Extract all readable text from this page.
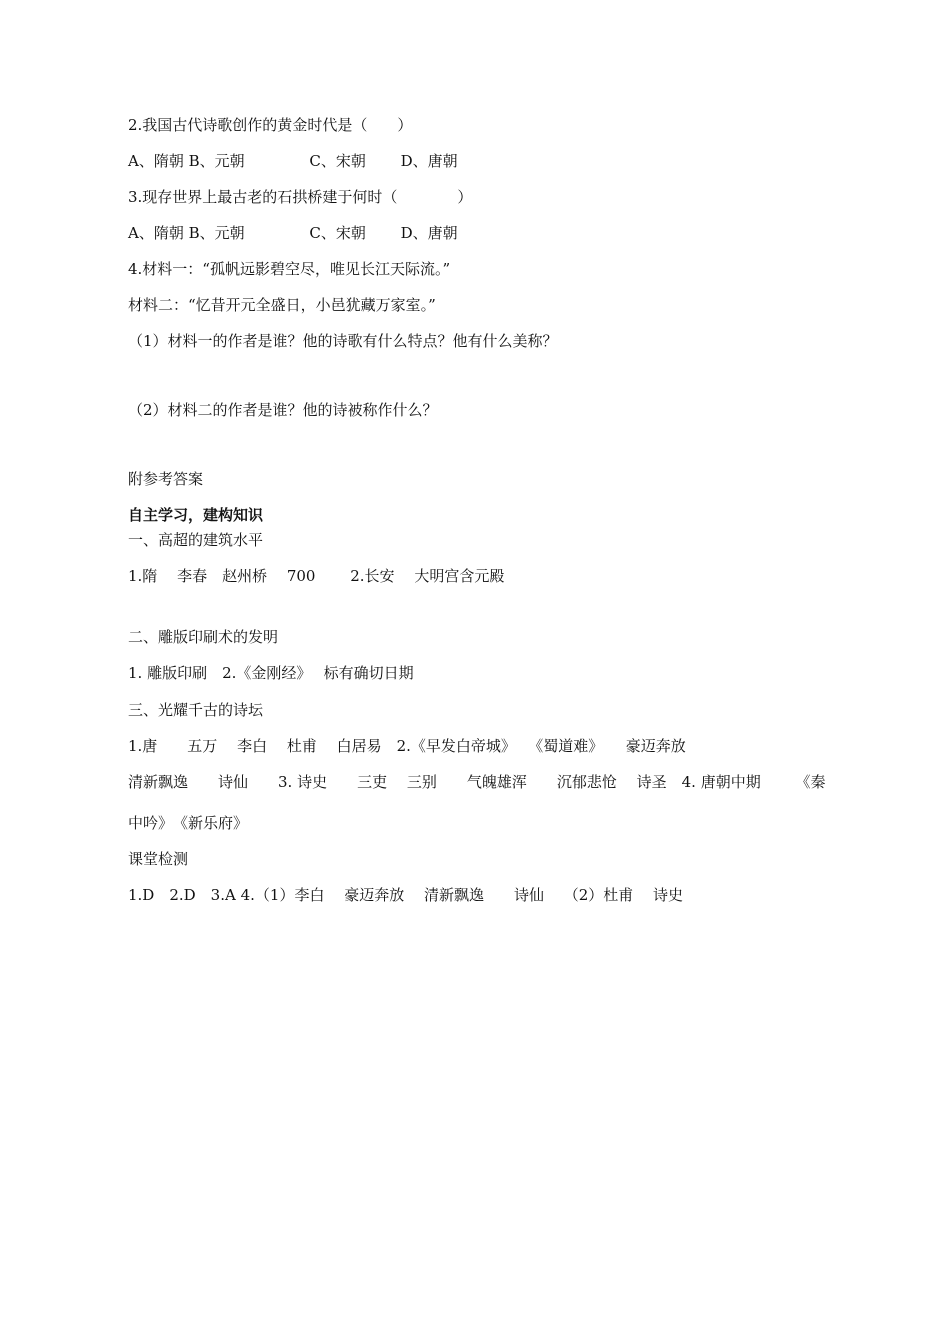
2.我国古代诗歌创作的黄金时代是（　　）
A、隋朝 B、元朝 　　　　C、宋朝 　　D、唐朝
3.现存世界上最古老的石拱桥建于何时（　　　　）
A、隋朝 B、元朝 　　　　C、宋朝 　　D、唐朝
4.材料一：“孤帆远影碧空尽，唯见长江天际流。”
材料二：“忆昔开元全盛日，小邑犹藏万家室。”
（1）材料一的作者是谁？他的诗歌有什么特点？他有什么美称？
（2）材料二的作者是谁？他的诗被称作什么？
附参考答案
自主学习，建构知识
一、高超的建筑水平
1.隋　 李春　赵州桥　 700　　 2.长安　 大明宫含元殿
二、雕版印刷术的发明
1. 雕版印刷　2.《金刚经》　 标有确切日期
三、光耀千古的诗坛
1.唐　　五万　 李白　 杜甫　 白居易　2.《早发白帝城》　 《蜀道难》　　豪迈奔放
清新飘逸　　诗仙　　3. 诗史　　三吏　 三别　　气魄雄浑　　沉郁悲怆　 诗圣　4. 唐朝中期　　 《秦
中吟》　《新乐府》
课堂检测
1.D　2.D　3.A 4.（1）李白　 豪迈奔放　 清新飘逸　　诗仙　 （2）杜甫　 诗史
